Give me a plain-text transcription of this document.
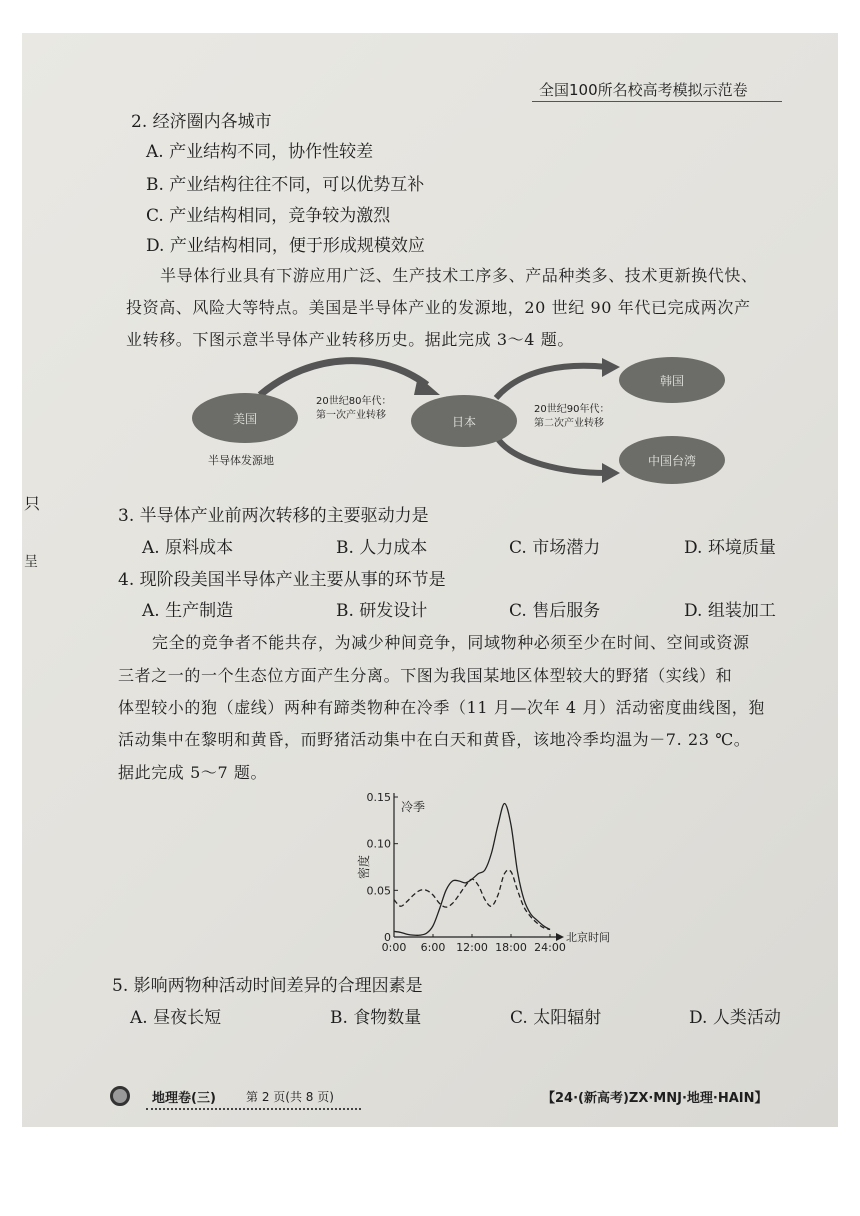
全国100所名校高考模拟示范卷
只
呈
2. 经济圈内各城市
A. 产业结构不同，协作性较差
B. 产业结构往往不同，可以优势互补
C. 产业结构相同，竞争较为激烈
D. 产业结构相同，便于形成规模效应
半导体行业具有下游应用广泛、生产技术工序多、产品种类多、技术更新换代快、
投资高、风险大等特点。美国是半导体产业的发源地，20 世纪 90 年代已完成两次产
业转移。下图示意半导体产业转移历史。据此完成 3～4 题。
美国	日本
韩国
中国台湾
半导体发源地
20世纪80年代：
第一次产业转移
20世纪90年代：
第二次产业转移
3. 半导体产业前两次转移的主要驱动力是
A. 原料成本	B. 人力成本	C. 市场潜力	D. 环境质量
4. 现阶段美国半导体产业主要从事的环节是
A. 生产制造	B. 研发设计	C. 售后服务	D. 组装加工
完全的竞争者不能共存，为减少种间竞争，同域物种必须至少在时间、空间或资源
三者之一的一个生态位方面产生分离。下图为我国某地区体型较大的野猪（实线）和
体型较小的狍（虚线）两种有蹄类物种在冷季（11 月—次年 4 月）活动密度曲线图，狍
活动集中在黎明和黄昏，而野猪活动集中在白天和黄昏，该地冷季均温为－7. 23 ℃。
据此完成 5～7 题。
0
0.05
0.10
0.15
0:00 6:00 12:00 18:00 24:00
冷季
北京时间
密度
5. 影响两物种活动时间差异的合理因素是
A. 昼夜长短	B. 食物数量	C. 太阳辐射	D. 人类活动
地理卷(三)	第 2 页(共 8 页)	【24·(新高考)ZX·MNJ·地理·HAIN】
